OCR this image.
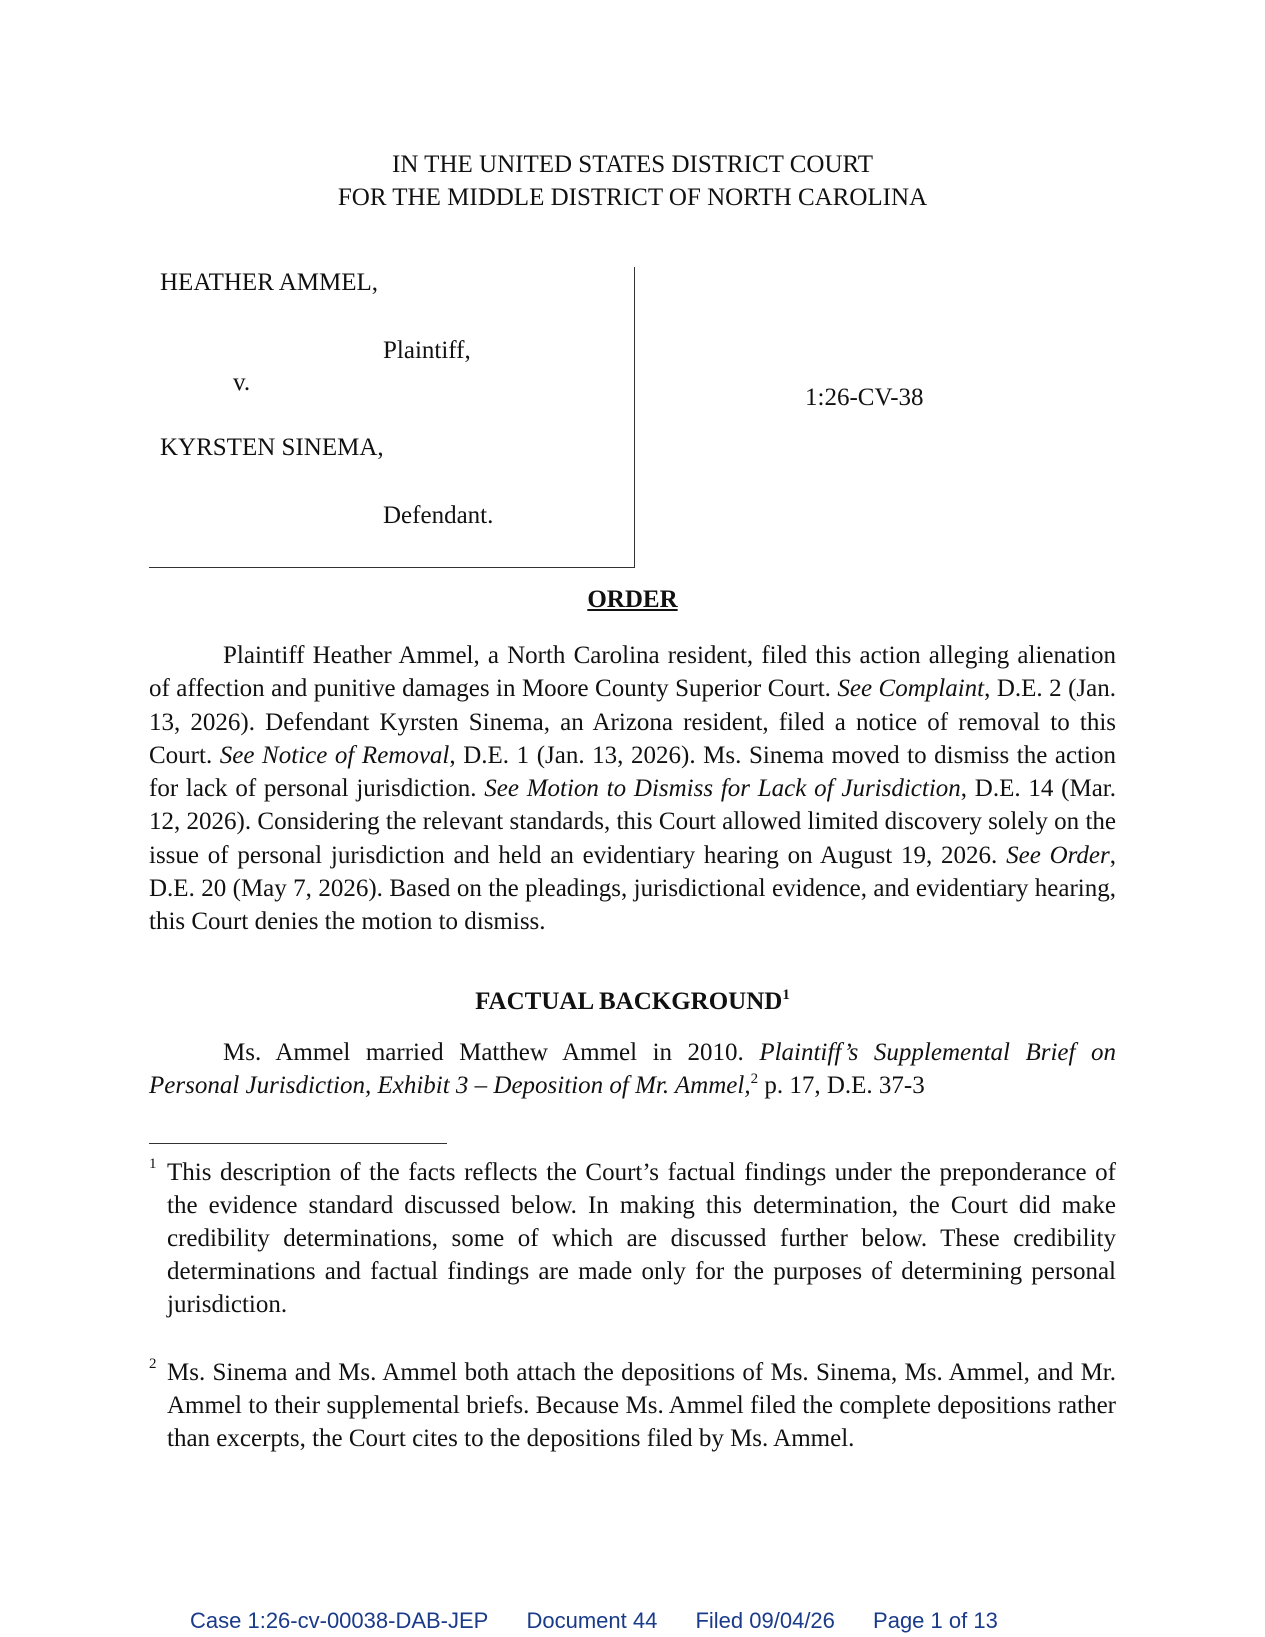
IN THE UNITED STATES DISTRICT COURT
FOR THE MIDDLE DISTRICT OF NORTH CAROLINA
HEATHER AMMEL,
Plaintiff,
v.
KYRSTEN SINEMA,
Defendant.
1:26-CV-38
ORDER

Plaintiff Heather Ammel, a North Carolina resident, filed this action alleging alienation of affection and punitive damages in Moore County Superior Court. See Complaint, D.E. 2 (Jan. 13, 2026). Defendant Kyrsten Sinema, an Arizona resident, filed a notice of removal to this Court. See Notice of Removal, D.E. 1 (Jan. 13, 2026). Ms. Sinema moved to dismiss the action for lack of personal jurisdiction. See Motion to Dismiss for Lack of Jurisdiction, D.E. 14 (Mar. 12, 2026). Considering the relevant standards, this Court allowed limited discovery solely on the issue of personal jurisdiction and held an evidentiary hearing on August 19, 2026. See Order, D.E. 20 (May 7, 2026). Based on the pleadings, jurisdictional evidence, and evidentiary hearing, this Court denies the motion to dismiss.

FACTUAL BACKGROUND$^1$

Ms. Ammel married Matthew Ammel in 2010. Plaintiff’s Supplemental Brief on Personal Jurisdiction, Exhibit 3 – Deposition of Mr. Ammel,$^2$ p. 17, D.E. 37-3

1 This description of the facts reflects the Court’s factual findings under the preponderance of the evidence standard discussed below. In making this determination, the Court did make credibility determinations, some of which are discussed further below. These credibility determinations and factual findings are made only for the purposes of determining personal jurisdiction.

2 Ms. Sinema and Ms. Ammel both attach the depositions of Ms. Sinema, Ms. Ammel, and Mr. Ammel to their supplemental briefs. Because Ms. Ammel filed the complete depositions rather than excerpts, the Court cites to the depositions filed by Ms. Ammel.

Case 1:26-cv-00038-DAB-JEP Document 44 Filed 09/04/26 Page 1 of 13
